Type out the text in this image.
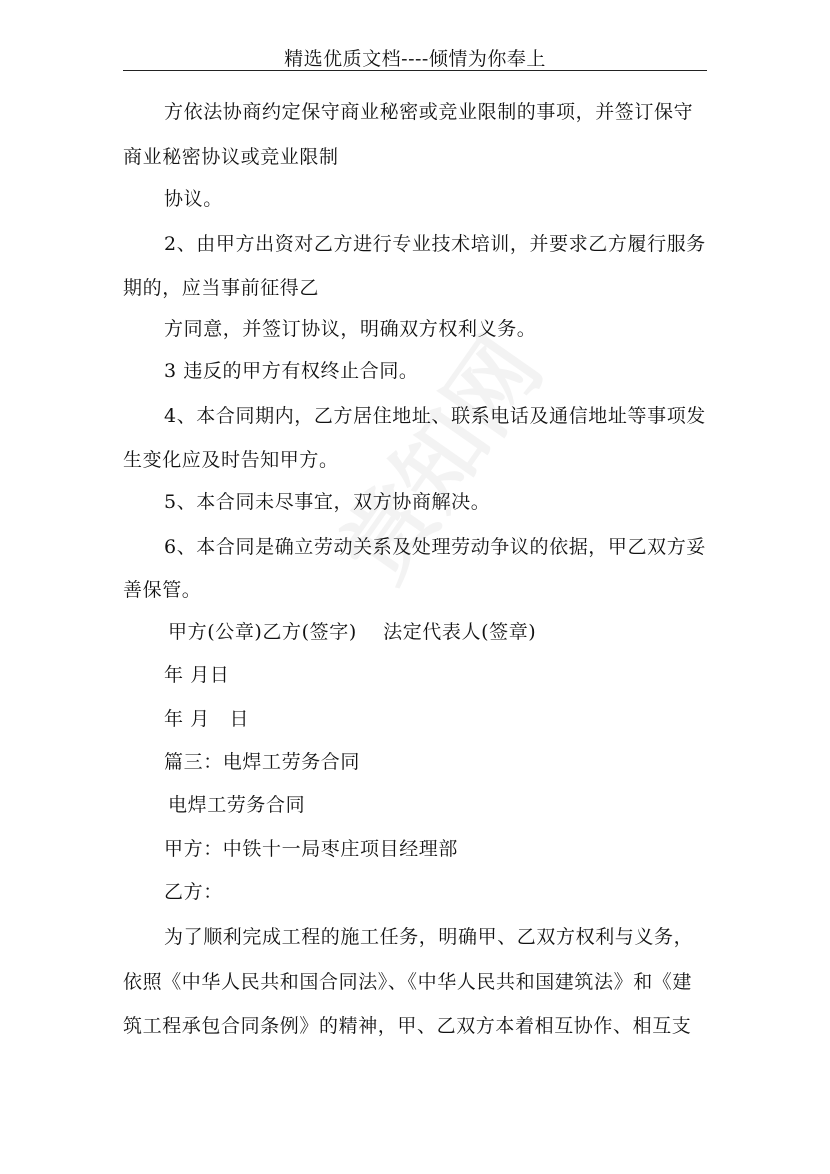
精选优质文档----倾情为你奉上
方依法协商约定保守商业秘密或竞业限制的事项，并签订保守
商业秘密协议或竞业限制
协议。
2、由甲方出资对乙方进行专业技术培训，并要求乙方履行服务
期的，应当事前征得乙
方同意，并签订协议，明确双方权利义务。
3 违反的甲方有权终止合同。
4、本合同期内，乙方居住地址、联系电话及通信地址等事项发
生变化应及时告知甲方。
5、本合同未尽事宜，双方协商解决。
6、本合同是确立劳动关系及处理劳动争议的依据，甲乙双方妥
善保管。
甲方(公章)乙方(签字)　 法定代表人(签章)
年 月日
年 月　日
篇三：电焊工劳务合同
电焊工劳务合同
甲方：中铁十一局枣庄项目经理部
乙方：
为了顺利完成工程的施工任务，明确甲、乙双方权利与义务，
依照《中华人民共和国合同法》、《中华人民共和国建筑法》和《建
筑工程承包合同条例》的精神，甲、乙双方本着相互协作、相互支
